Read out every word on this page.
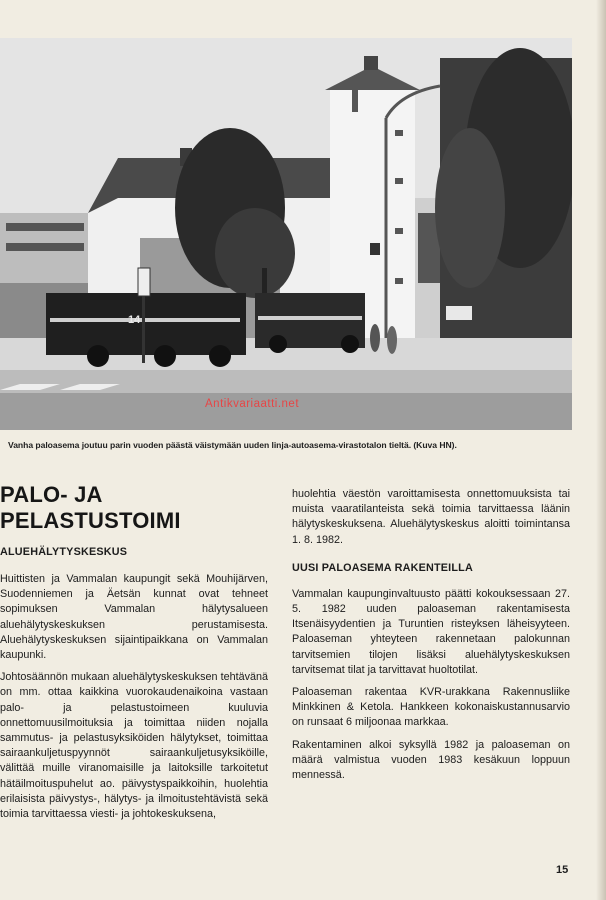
14
Antikvariaatti.net
Vanha paloasema joutuu parin vuoden päästä väistymään uuden linja-autoasema-virastotalon tieltä. (Kuva HN).
PALO- JA
PELASTUSTOIMI
ALUEHÄLYTYSKESKUS

Huittisten ja Vammalan kaupungit sekä Mouhijärven, Suodenniemen ja Äetsän kunnat ovat tehneet sopimuksen Vammalan hälytysalueen aluehälytyskeskuksen perustamisesta. Aluehälytyskeskuksen sijaintipaikkana on Vammalan kaupunki.

Johtosäännön mukaan aluehälytyskeskuksen tehtävänä on mm. ottaa kaikkina vuorokaudenaikoina vastaan palo- ja pelastustoimeen kuuluvia onnettomuusilmoituksia ja toimittaa niiden nojalla sammutus- ja pelastusyksiköiden hälytykset, toimittaa sairaankuljetuspyynnöt sairaankuljetusyksiköille, välittää muille viranomaisille ja laitoksille tarkoitetut hätäilmoituspuhelut ao. päivystyspaikkoihin, huolehtia erilaisista päivystys-, hälytys- ja ilmoitustehtävistä sekä toimia tarvittaessa viesti- ja johtokeskuksena,

huolehtia väestön varoittamisesta onnettomuuksista tai muista vaaratilanteista sekä toimia tarvittaessa läänin hälytyskeskuksena. Aluehälytyskeskus aloitti toimintansa 1. 8. 1982.

UUSI PALOASEMA RAKENTEILLA

Vammalan kaupunginvaltuusto päätti kokouksessaan 27. 5. 1982 uuden paloaseman rakentamisesta Itsenäisyydentien ja Turuntien risteyksen läheisyyteen. Paloaseman yhteyteen rakennetaan palokunnan tarvitsemien tilojen lisäksi aluehälytyskeskuksen tarvitsemat tilat ja tarvittavat huoltotilat.

Paloaseman rakentaa KVR-urakkana Rakennusliike Minkkinen & Ketola. Hankkeen kokonaiskustannusarvio on runsaat 6 miljoonaa markkaa.

Rakentaminen alkoi syksyllä 1982 ja paloaseman on määrä valmistua vuoden 1983 kesäkuun loppuun mennessä.

15
